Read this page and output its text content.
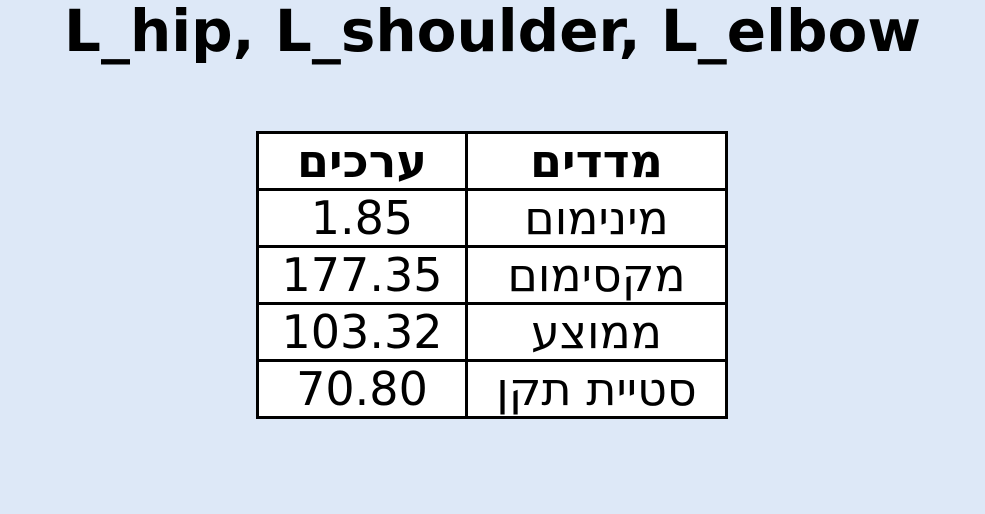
L_hip, L_shoulder, L_elbow
ערכים	מדדים
1.85	מינימום
177.35	מקסימום
103.32	ממוצע
70.80	סטיית תקן
